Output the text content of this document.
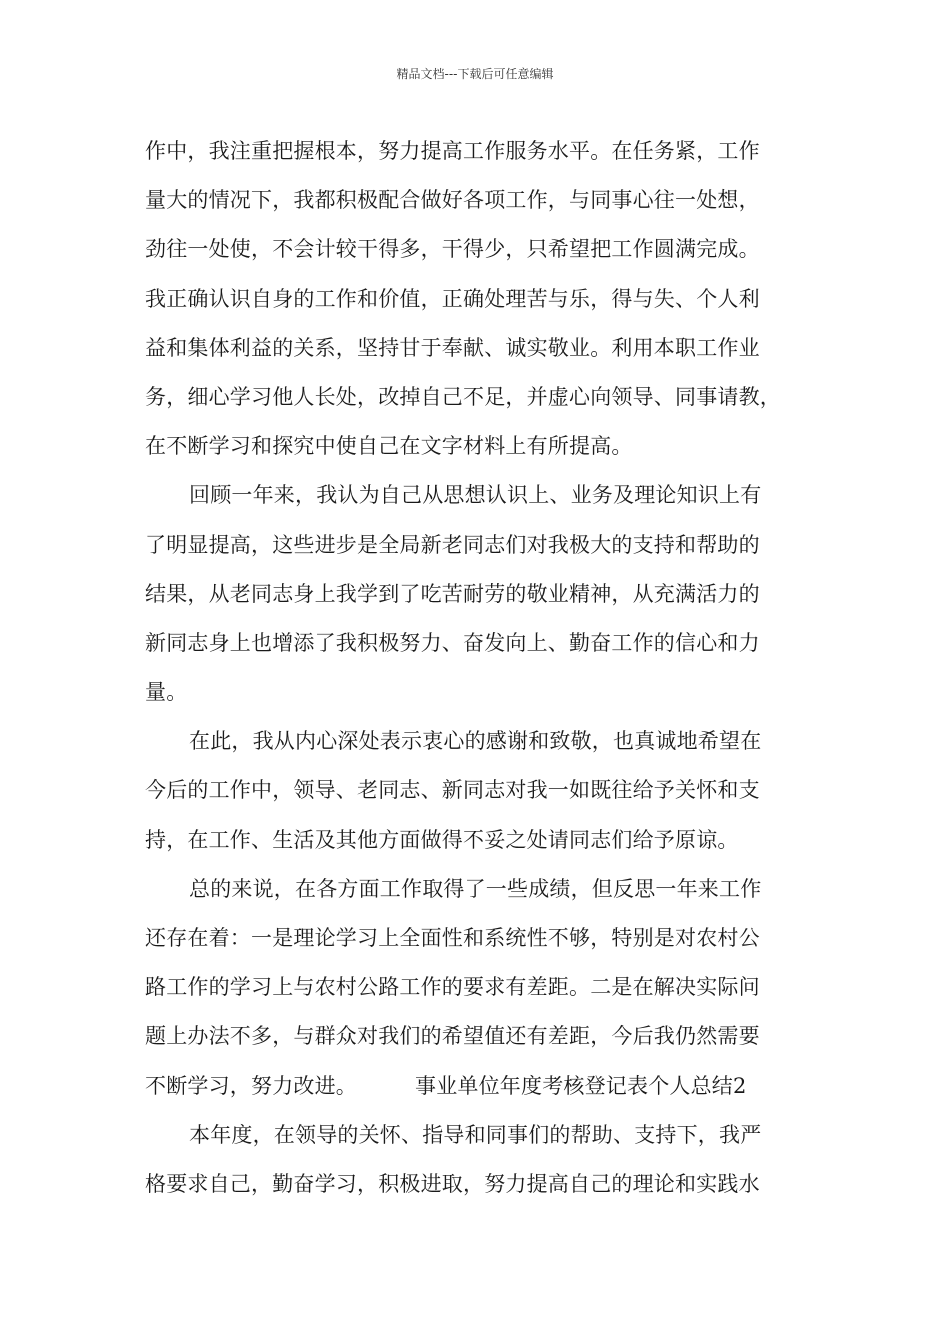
精品文档---下载后可任意编辑
作中，我注重把握根本，努力提高工作服务水平。在任务紧，工作
量大的情况下，我都积极配合做好各项工作，与同事心往一处想，
劲往一处使，不会计较干得多，干得少，只希望把工作圆满完成。
我正确认识自身的工作和价值，正确处理苦与乐，得与失、个人利
益和集体利益的关系，坚持甘于奉献、诚实敬业。利用本职工作业
务，细心学习他人长处，改掉自己不足，并虚心向领导、同事请教，
在不断学习和探究中使自己在文字材料上有所提高。
回顾一年来，我认为自己从思想认识上、业务及理论知识上有
了明显提高，这些进步是全局新老同志们对我极大的支持和帮助的
结果，从老同志身上我学到了吃苦耐劳的敬业精神，从充满活力的
新同志身上也增添了我积极努力、奋发向上、勤奋工作的信心和力
量。
在此，我从内心深处表示衷心的感谢和致敬，也真诚地希望在
今后的工作中，领导、老同志、新同志对我一如既往给予关怀和支
持，在工作、生活及其他方面做得不妥之处请同志们给予原谅。
总的来说，在各方面工作取得了一些成绩，但反思一年来工作
还存在着：一是理论学习上全面性和系统性不够，特别是对农村公
路工作的学习上与农村公路工作的要求有差距。二是在解决实际问
题上办法不多，与群众对我们的希望值还有差距，今后我仍然需要
不断学习，努力改进。	事业单位年度考核登记表个人总结2
本年度，在领导的关怀、指导和同事们的帮助、支持下，我严
格要求自己，勤奋学习，积极进取，努力提高自己的理论和实践水
